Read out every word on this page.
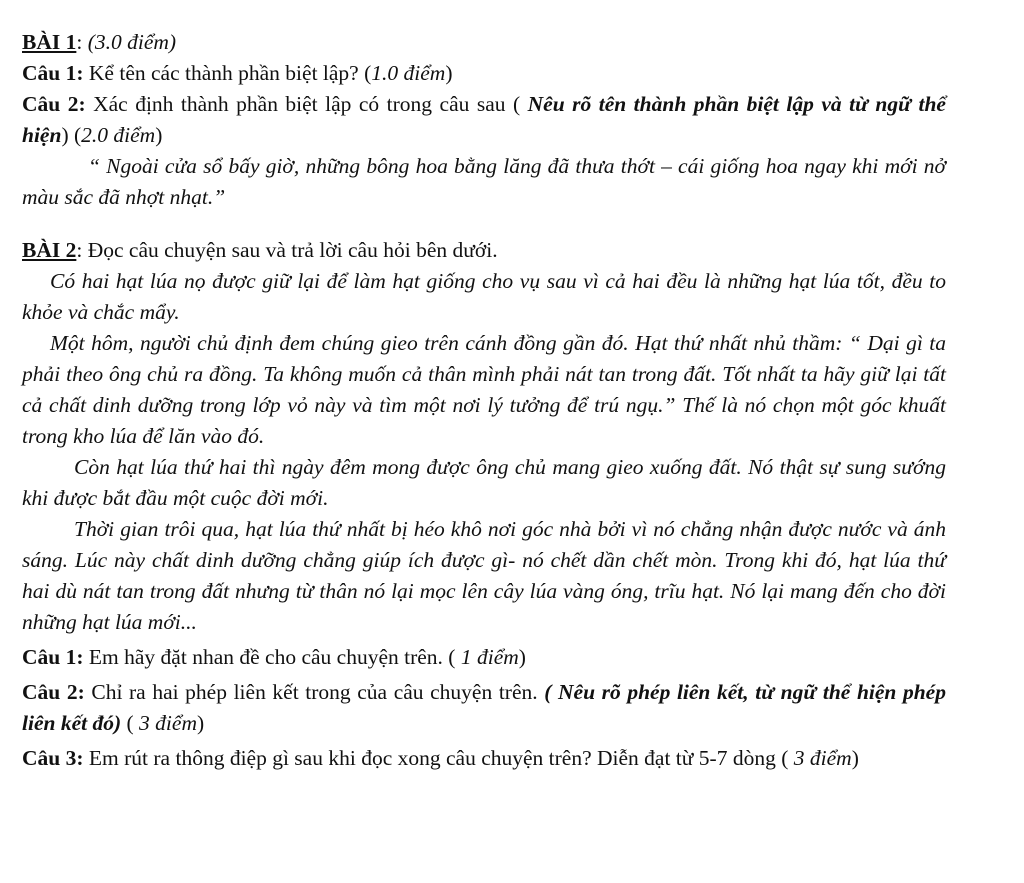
BÀI 1: (3.0 điểm)
Câu 1: Kể tên các thành phần biệt lập? (1.0 điểm)

Câu 2: Xác định thành phần biệt lập có trong câu sau ( Nêu rõ tên thành phần biệt lập và từ ngữ thể hiện) (2.0 điểm)

“ Ngoài cửa sổ bấy giờ, những bông hoa bằng lăng đã thưa thớt – cái giống hoa ngay khi mới nở màu sắc đã nhợt nhạt.”

BÀI 2: Đọc câu chuyện sau và trả lời câu hỏi bên dưới.

Có hai hạt lúa nọ được giữ lại để làm hạt giống cho vụ sau vì cả hai đều là những hạt lúa tốt, đều to khỏe và chắc mẩy.

Một hôm, người chủ định đem chúng gieo trên cánh đồng gần đó. Hạt thứ nhất nhủ thầm: “ Dại gì ta phải theo ông chủ ra đồng. Ta không muốn cả thân mình phải nát tan trong đất. Tốt nhất ta hãy giữ lại tất cả chất dinh dưỡng trong lớp vỏ này và tìm một nơi lý tưởng để trú ngụ.” Thế là nó chọn một góc khuất trong kho lúa để lăn vào đó.

Còn hạt lúa thứ hai thì ngày đêm mong được ông chủ mang gieo xuống đất. Nó thật sự sung sướng khi được bắt đầu một cuộc đời mới.

Thời gian trôi qua, hạt lúa thứ nhất bị héo khô nơi góc nhà bởi vì nó chẳng nhận được nước và ánh sáng. Lúc này chất dinh dưỡng chẳng giúp ích được gì- nó chết dần chết mòn. Trong khi đó, hạt lúa thứ hai dù nát tan trong đất nhưng từ thân nó lại mọc lên cây lúa vàng óng, trĩu hạt. Nó lại mang đến cho đời những hạt lúa mới...

Câu 1: Em hãy đặt nhan đề cho câu chuyện trên. ( 1 điểm)

Câu 2: Chỉ ra hai phép liên kết trong của câu chuyện trên. ( Nêu rõ phép liên kết, từ ngữ thể hiện phép liên kết đó) ( 3 điểm)

Câu 3: Em rút ra thông điệp gì sau khi đọc xong câu chuyện trên? Diễn đạt từ 5-7 dòng ( 3 điểm)
